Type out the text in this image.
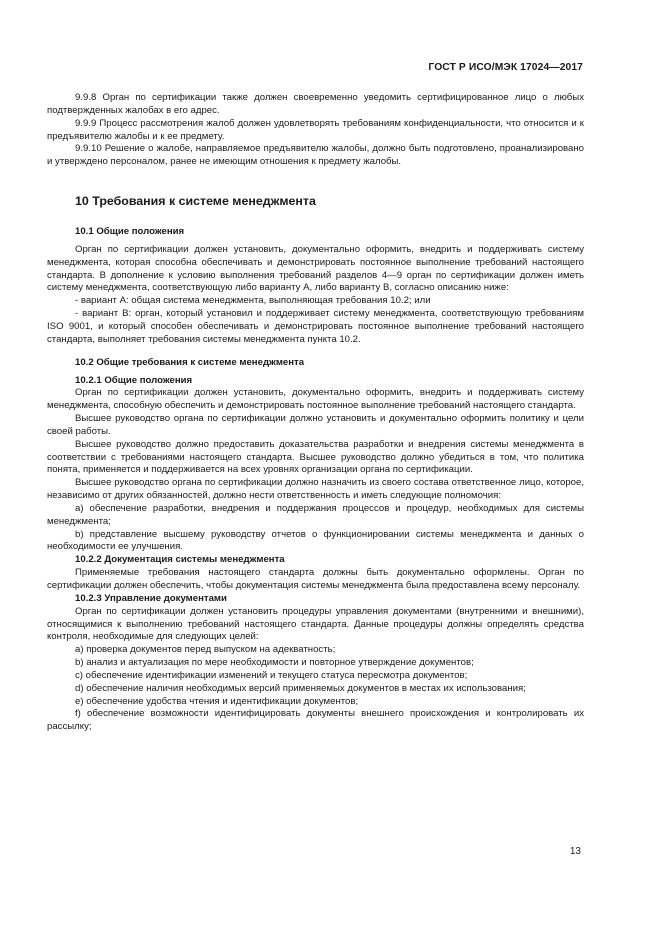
ГОСТ Р ИСО/МЭК 17024—2017

9.9.8 Орган по сертификации также должен своевременно уведомить сертифицированное лицо о любых подтвержденных жалобах в его адрес.

9.9.9 Процесс рассмотрения жалоб должен удовлетворять требованиям конфиденциальности, что относится и к предъявителю жалобы и к ее предмету.

9.9.10 Решение о жалобе, направляемое предъявителю жалобы, должно быть подготовлено, проанализировано и утверждено персоналом, ранее не имеющим отношения к предмету жалобы.

10 Требования к системе менеджмента
10.1 Общие положения

Орган по сертификации должен установить, документально оформить, внедрить и поддерживать систему менеджмента, которая способна обеспечивать и демонстрировать постоянное выполнение требований настоящего стандарта. В дополнение к условию выполнения требований разделов 4—9 орган по сертификации должен иметь систему менеджмента, соответствующую либо варианту А, либо варианту В, согласно описанию ниже:

- вариант А: общая система менеджмента, выполняющая требования 10.2; или

- вариант В: орган, который установил и поддерживает систему менеджмента, соответствующую требованиям ISO 9001, и который способен обеспечивать и демонстрировать постоянное выполнение требований настоящего стандарта, выполняет требования системы менеджмента пункта 10.2.

10.2 Общие требования к системе менеджмента
10.2.1 Общие положения

Орган по сертификации должен установить, документально оформить, внедрить и поддерживать систему менеджмента, способную обеспечить и демонстрировать постоянное выполнение требований настоящего стандарта.

Высшее руководство органа по сертификации должно установить и документально оформить политику и цели своей работы.

Высшее руководство должно предоставить доказательства разработки и внедрения системы менеджмента в соответствии с требованиями настоящего стандарта. Высшее руководство должно убедиться в том, что политика понята, применяется и поддерживается на всех уровнях организации органа по сертификации.

Высшее руководство органа по сертификации должно назначить из своего состава ответственное лицо, которое, независимо от других обязанностей, должно нести ответственность и иметь следующие полномочия:

а) обеспечение разработки, внедрения и поддержания процессов и процедур, необходимых для системы менеджмента;

b) представление высшему руководству отчетов о функционировании системы менеджмента и данных о необходимости ее улучшения.

10.2.2 Документация системы менеджмента

Применяемые требования настоящего стандарта должны быть документально оформлены. Орган по сертификации должен обеспечить, чтобы документация системы менеджмента была предоставлена всему персоналу.

10.2.3 Управление документами

Орган по сертификации должен установить процедуры управления документами (внутренними и внешними), относящимися к выполнению требований настоящего стандарта. Данные процедуры должны определять средства контроля, необходимые для следующих целей:

а) проверка документов перед выпуском на адекватность;

b) анализ и актуализация по мере необходимости и повторное утверждение документов;

c) обеспечение идентификации изменений и текущего статуса пересмотра документов;

d) обеспечение наличия необходимых версий применяемых документов в местах их использования;

e) обеспечение удобства чтения и идентификации документов;

f) обеспечение возможности идентифицировать документы внешнего происхождения и контролировать их рассылку;

13
